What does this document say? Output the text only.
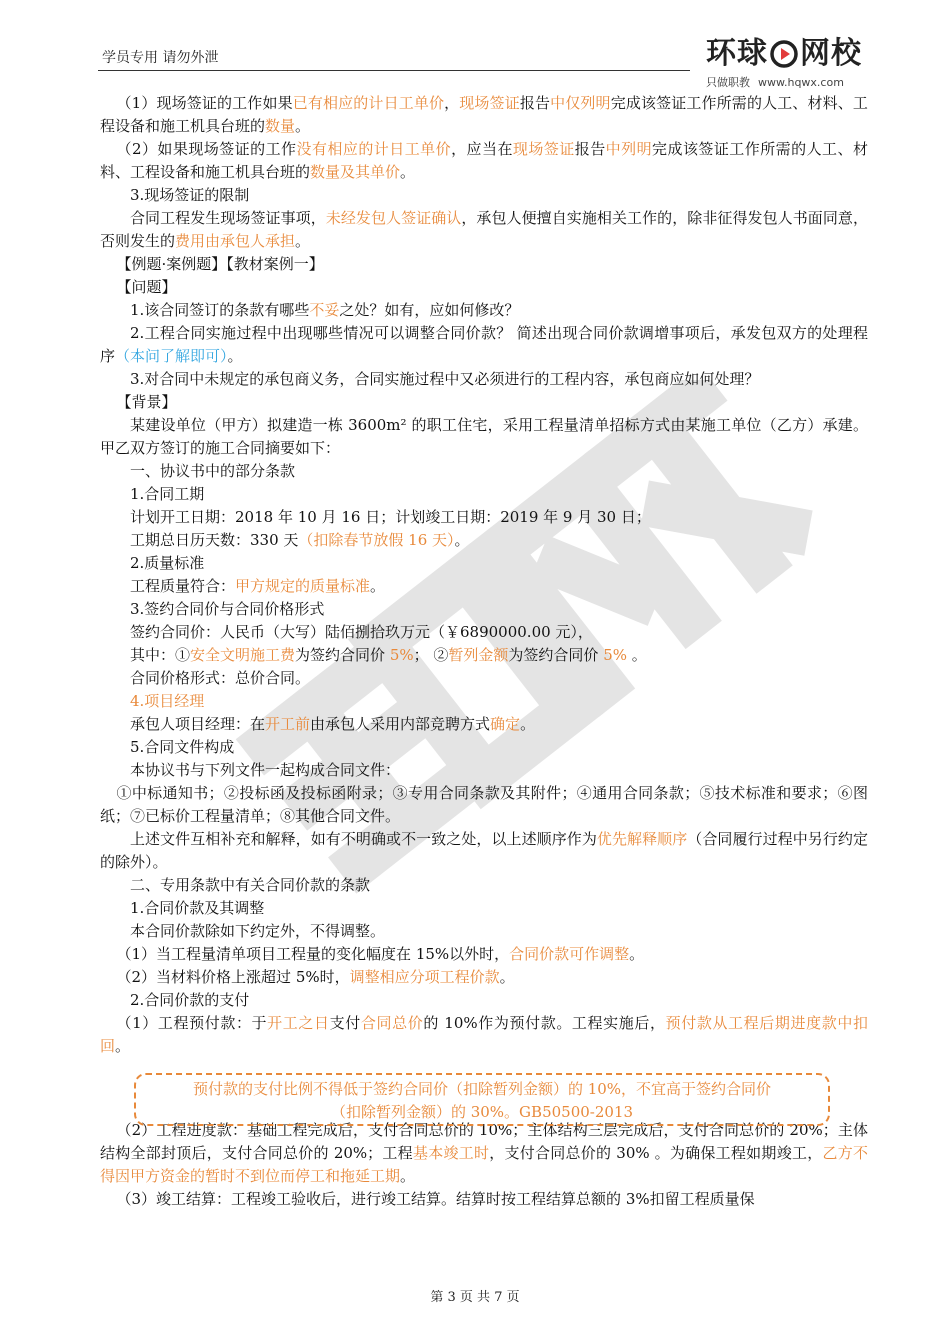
学员专用 请勿外泄	环球 网校
只做职教 www.hqwx.com

（1）现场签证的工作如果已有相应的计日工单价，现场签证报告中仅列明完成该签证工作所需的人工、材料、工程设备和施工机具台班的数量。

（2）如果现场签证的工作没有相应的计日工单价，应当在现场签证报告中列明完成该签证工作所需的人工、材料、工程设备和施工机具台班的数量及其单价。

3.现场签证的限制

合同工程发生现场签证事项，未经发包人签证确认，承包人便擅自实施相关工作的，除非征得发包人书面同意，否则发生的费用由承包人承担。

【例题·案例题】【教材案例一】

【问题】

1.该合同签订的条款有哪些不妥之处？如有，应如何修改？

2.工程合同实施过程中出现哪些情况可以调整合同价款？ 简述出现合同价款调增事项后，承发包双方的处理程序（本问了解即可）。

3.对合同中未规定的承包商义务，合同实施过程中又必须进行的工程内容，承包商应如何处理？

【背景】

某建设单位（甲方）拟建造一栋 3600m² 的职工住宅，采用工程量清单招标方式由某施工单位（乙方）承建。甲乙双方签订的施工合同摘要如下：

一、协议书中的部分条款

1.合同工期

计划开工日期：2018 年 10 月 16 日；计划竣工日期：2019 年 9 月 30 日；

工期总日历天数：330 天（扣除春节放假 16 天）。

2.质量标准

工程质量符合：甲方规定的质量标准。

3.签约合同价与合同价格形式

签约合同价：人民币（大写）陆佰捌拾玖万元（￥6890000.00 元），

其中：①安全文明施工费为签约合同价 5%； ②暂列金额为签约合同价 5% 。

合同价格形式：总价合同。

4.项目经理

承包人项目经理：在开工前由承包人采用内部竞聘方式确定。

5.合同文件构成

本协议书与下列文件一起构成合同文件：

①中标通知书；②投标函及投标函附录；③专用合同条款及其附件；④通用合同条款；⑤技术标准和要求；⑥图纸；⑦已标价工程量清单；⑧其他合同文件。

上述文件互相补充和解释，如有不明确或不一致之处，以上述顺序作为优先解释顺序（合同履行过程中另行约定的除外）。

二、专用条款中有关合同价款的条款

1.合同价款及其调整

本合同价款除如下约定外，不得调整。

（1）当工程量清单项目工程量的变化幅度在 15%以外时，合同价款可作调整。

（2）当材料价格上涨超过 5%时，调整相应分项工程价款。

2.合同价款的支付

（1）工程预付款：于开工之日支付合同总价的 10%作为预付款。工程实施后，预付款从工程后期进度款中扣回。

（2）工程进度款：基础工程完成后，支付合同总价的 10%；主体结构三层完成后，支付合同总价的 20%；主体结构全部封顶后，支付合同总价的 20%；工程基本竣工时，支付合同总价的 30% 。为确保工程如期竣工，乙方不得因甲方资金的暂时不到位而停工和拖延工期。

（3）竣工结算：工程竣工验收后，进行竣工结算。结算时按工程结算总额的 3%扣留工程质量保

预付款的支付比例不得低于签约合同价（扣除暂列金额）的 10%，不宜高于签约合同价
（扣除暂列金额）的 30%。GB50500-2013
第 3 页 共 7 页
